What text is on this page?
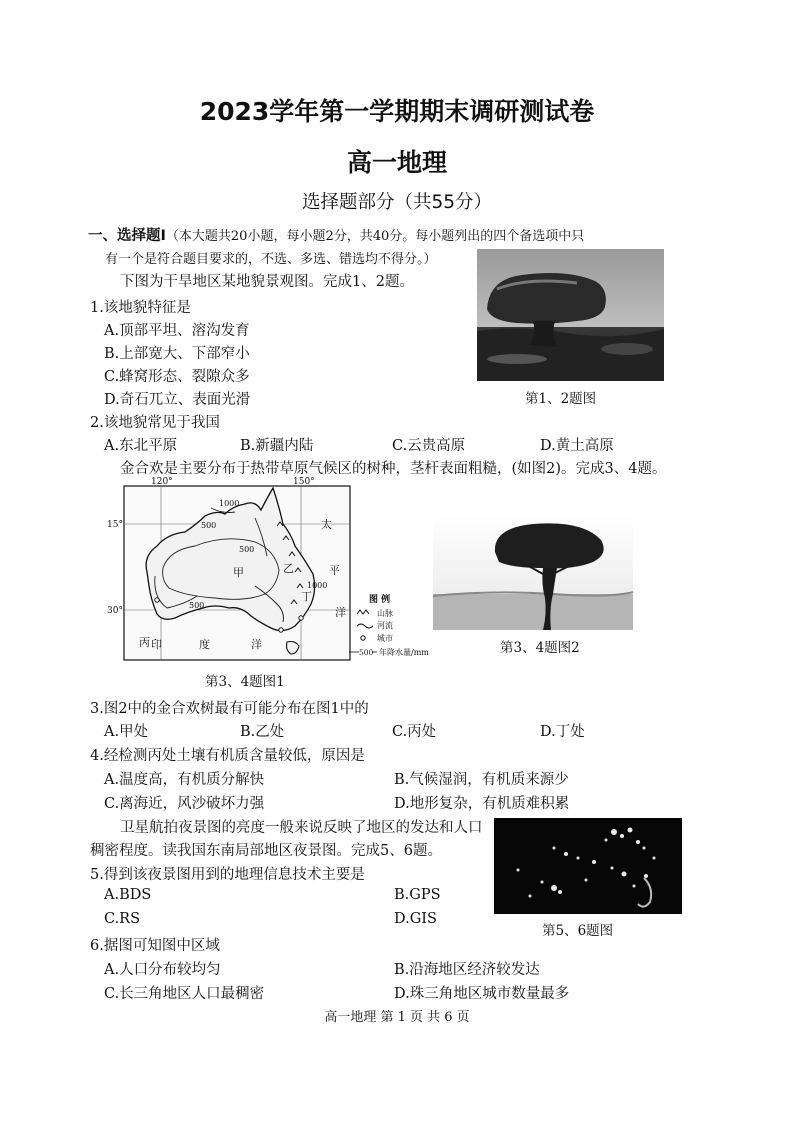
2023学年第一学期期末调研测试卷
高一地理
选择题部分（共55分）
一、选择题Ⅰ（本大题共20小题，每小题2分，共40分。每小题列出的四个备选项中只
有一个是符合题目要求的，不选、多选、错选均不得分。）
下图为干旱地区某地貌景观图。完成1、2题。
1.该地貌特征是
A.顶部平坦、溶沟发育
B.上部宽大、下部窄小
C.蜂窝形态、裂隙众多
D.奇石兀立、表面光滑	第1、2题图
2.该地貌常见于我国
A.东北平原	B.新疆内陆	C.云贵高原	D.黄土高原
金合欢是主要分布于热带草原气候区的树种，茎杆表面粗糙，(如图2)。完成3、4题。
120°	150°
15°
30°
1000
500
500
500
1000
甲	乙
丙
丁
太
平
洋
印	度	洋
图 例
山脉
河流
城市
500 年降水量/mm
第3、4题图1
第3、4题图2
3.图2中的金合欢树最有可能分布在图1中的
A.甲处	B.乙处	C.丙处	D.丁处
4.经检测丙处土壤有机质含量较低，原因是
A.温度高，有机质分解快	B.气候湿润，有机质来源少
C.离海近，风沙破坏力强	D.地形复杂，有机质难积累
卫星航拍夜景图的亮度一般来说反映了地区的发达和人口
稠密程度。读我国东南局部地区夜景图。完成5、6题。
第5、6题图
5.得到该夜景图用到的地理信息技术主要是
A.BDS	B.GPS
C.RS	D.GIS
6.据图可知图中区域
A.人口分布较均匀	B.沿海地区经济较发达
C.长三角地区人口最稠密	D.珠三角地区城市数量最多
高一地理 第 1 页 共 6 页
